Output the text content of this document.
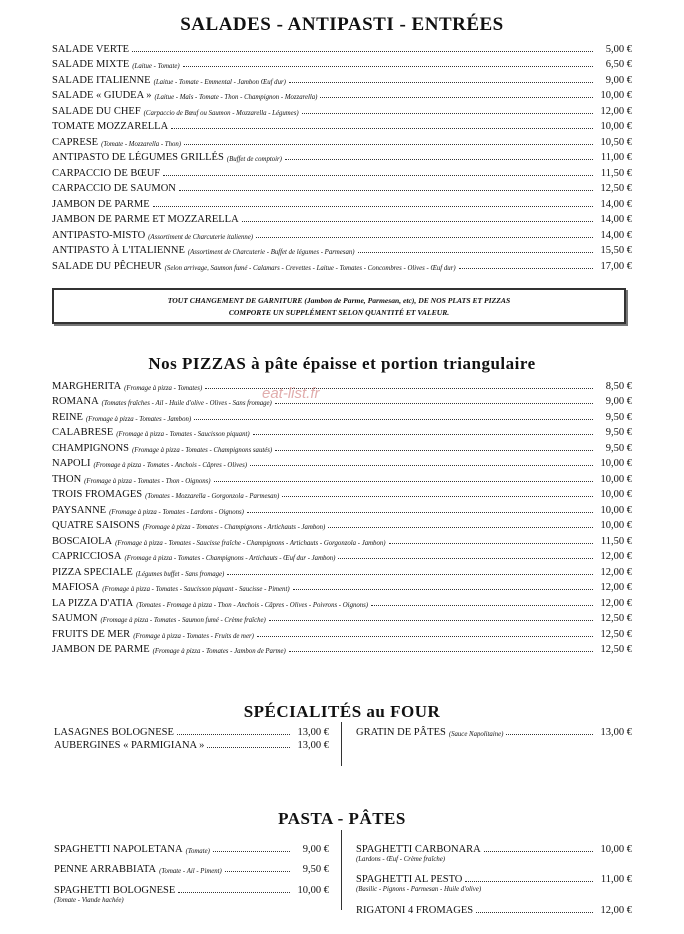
SALADES - ANTIPASTI - ENTRÉES
SALADE VERTE	5,00 €
SALADE MIXTE (Laitue - Tomate)	6,50 €
SALADE ITALIENNE (Laitue - Tomate - Emmental - Jambon Œuf dur)	9,00 €
SALADE « GIUDEA » (Laitue - Maïs - Tomate - Thon - Champignon - Mozzarella)	10,00 €
SALADE DU CHEF (Carpaccio de Bœuf ou Saumon - Mozzarella - Légumes)	12,00 €
TOMATE MOZZARELLA	10,00 €
CAPRESE (Tomate - Mozzarella - Thon)	10,50 €
ANTIPASTO DE LÉGUMES GRILLÉS (Buffet de comptoir)	11,00 €
CARPACCIO DE BŒUF	11,50 €
CARPACCIO DE SAUMON	12,50 €
JAMBON DE PARME	14,00 €
JAMBON DE PARME ET MOZZARELLA	14,00 €
ANTIPASTO-MISTO (Assortiment de Charcuterie italienne)	14,00 €
ANTIPASTO À L'ITALIENNE (Assortiment de Charcuterie - Buffet de légumes - Parmesan)	15,50 €
SALADE DU PÊCHEUR (Selon arrivage, Saumon fumé - Calamars - Crevettes - Laitue - Tomates - Concombres - Olives - Œuf dur)	17,00 €
TOUT CHANGEMENT DE GARNITURE (Jambon de Parme, Parmesan, etc), DE NOS PLATS ET PIZZAS
COMPORTE UN SUPPLÉMENT SELON QUANTITÉ ET VALEUR.
Nos PIZZAS à pâte épaisse et portion triangulaire
MARGHERITA (Fromage à pizza - Tomates)	8,50 €
ROMANA (Tomates fraîches - Ail - Huile d'olive - Olives - Sans fromage)	9,00 €
REINE (Fromage à pizza - Tomates - Jambon)	9,50 €
CALABRESE (Fromage à pizza - Tomates - Saucisson piquant)	9,50 €
CHAMPIGNONS (Fromage à pizza - Tomates - Champignons sautés)	9,50 €
NAPOLI (Fromage à pizza - Tomates - Anchois - Câpres - Olives)	10,00 €
THON (Fromage à pizza - Tomates - Thon - Oignons)	10,00 €
TROIS FROMAGES (Tomates - Mozzarella - Gorgonzola - Parmesan)	10,00 €
PAYSANNE (Fromage à pizza - Tomates - Lardons - Oignons)	10,00 €
QUATRE SAISONS (Fromage à pizza - Tomates - Champignons - Artichauts - Jambon)	10,00 €
BOSCAIOLA (Fromage à pizza - Tomates - Saucisse fraîche - Champignons - Artichauts - Gorgonzola - Jambon)	11,50 €
CAPRICCIOSA (Fromage à pizza - Tomates - Champignons - Artichauts - Œuf dur - Jambon)	12,00 €
PIZZA SPECIALE (Légumes buffet - Sans fromage)	12,00 €
MAFIOSA (Fromage à pizza - Tomates - Saucisson piquant - Saucisse - Piment)	12,00 €
LA PIZZA D'ATIA (Tomates - Fromage à pizza - Thon - Anchois - Câpres - Olives - Poivrons - Oignons)	12,00 €
SAUMON (Fromage à pizza - Tomates - Saumon fumé - Crème fraîche)	12,50 €
FRUITS DE MER (Fromage à pizza - Tomates - Fruits de mer)	12,50 €
JAMBON DE PARME (Fromage à pizza - Tomates - Jambon de Parme)	12,50 €
eat-list.fr
SPÉCIALITÉS au FOUR
LASAGNES BOLOGNESE	13,00 €
AUBERGINES « PARMIGIANA »	13,00 €
GRATIN DE PÂTES (Sauce Napolitaine)	13,00 €
PASTA - PÂTES
SPAGHETTI NAPOLETANA (Tomate)	9,00 €
PENNE ARRABBIATA (Tomate - Ail - Piment)	9,50 €
SPAGHETTI BOLOGNESE	10,00 €
(Tomate - Viande hachée)
SPAGHETTI CARBONARA	10,00 €
(Lardons - Œuf - Crème fraîche)
SPAGHETTI AL PESTO	11,00 €
(Basilic - Pignons - Parmesan - Huile d'olive)
RIGATONI 4 FROMAGES	12,00 €
